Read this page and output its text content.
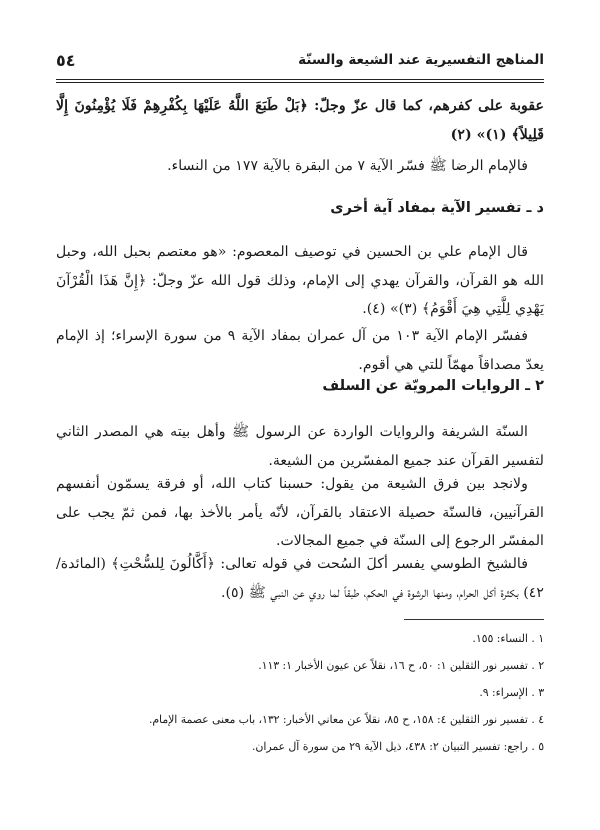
المناهج التفسيرية عند الشيعة والسنّة
٥٤
عقوبة على كفرهم، كما قال عزّ وجلّ: ﴿بَلْ طَبَعَ اللَّهُ عَلَيْهَا بِكُفْرِهِمْ فَلَا يُؤْمِنُونَ إِلَّا قَلِيلاً﴾ (١)» (٢)
فالإمام الرضا ﷺ فسّر الآية ٧ من البقرة بالآية ١٧٧ من النساء.
د ـ تفسير الآية بمفاد آية أخرى
قال الإمام علي بن الحسين في توصيف المعصوم: «هو معتصم بحبل الله، وحبل الله هو القرآن، والقرآن يهدي إلى الإمام، وذلك قول الله عزّ وجلّ: ﴿إِنَّ هَذَا الْقُرْآنَ يَهْدِي لِلَّتِي هِيَ أَقْوَمُ﴾ (٣)» (٤).
ففسّر الإمام الآية ١٠٣ من آل عمران بمفاد الآية ٩ من سورة الإسراء؛ إذ الإمام يعدّ مصداقاً مهمّاً للتي هي أقوم.
٢ ـ الروايات المرويّة عن السلف
السنّة الشريفة والروايات الواردة عن الرسول ﷺ وأهل بيته هي المصدر الثاني لتفسير القرآن عند جميع المفسّرين من الشيعة.
ولانجد بين فرق الشيعة من يقول: حسبنا كتاب الله، أو فرقة يسمّون أنفسهم القرآنيين، فالسنّة حصيلة الاعتقاد بالقرآن، لأنّه يأمر بالأخذ بها، فمن ثمّ يجب على المفسّر الرجوع إلى السنّة في جميع المجالات.
فالشيخ الطوسي يفسر أكلَ السُحت في قوله تعالى: ﴿أَكَّالُونَ لِلسُّحْتِ﴾ (المائدة/ ٤٢) بكثرة أكل الحرام، ومنها الرشوة في الحكم، طبقاً لما روي عن النبي ﷺ (٥).
١ . النساء: ١٥٥.
٢ . تفسير نور الثقلين ١: ٥٠، ح ١٦، نقلاً عن عيون الأخبار ١: ١١٣.
٣ . الإسراء: ٩.
٤ . تفسير نور الثقلين ٤: ١٥٨، ح ٨٥، نقلاً عن معاني الأخبار: ١٣٢، باب معنى عصمة الإمام.
٥ . راجع: تفسير التبيان ٢: ٤٣٨، ذيل الآية ٢٩ من سورة آل عمران.
